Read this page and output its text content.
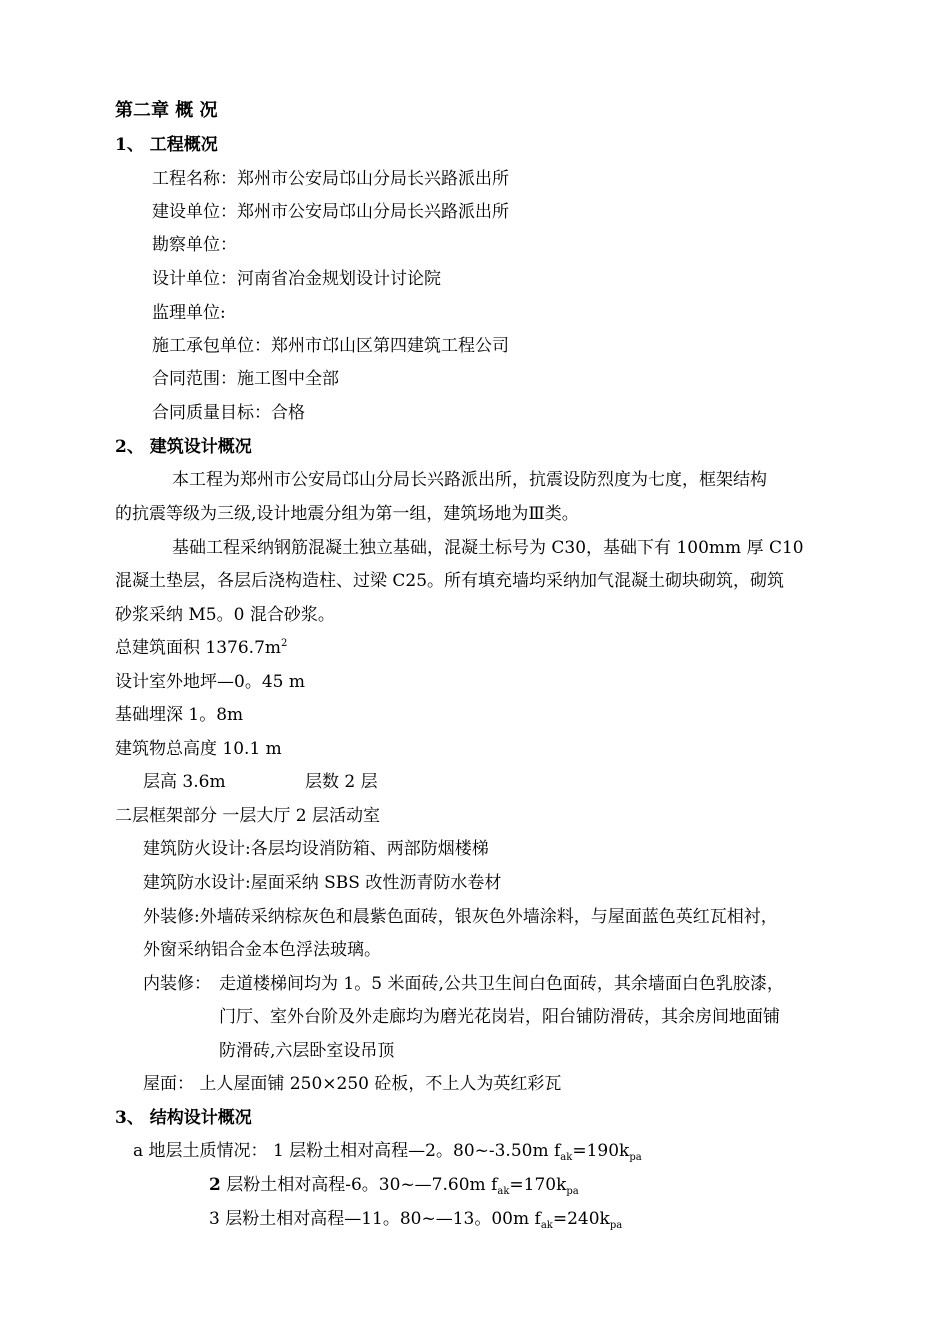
第二章 概 况
1、 工程概况
工程名称：郑州市公安局邙山分局长兴路派出所
建设单位：郑州市公安局邙山分局长兴路派出所
勘察单位：
设计单位：河南省冶金规划设计讨论院
监理单位:
施工承包单位：郑州市邙山区第四建筑工程公司
合同范围：施工图中全部
合同质量目标：合格
2、 建筑设计概况
本工程为郑州市公安局邙山分局长兴路派出所，抗震设防烈度为七度，框架结构
的抗震等级为三级,设计地震分组为第一组，建筑场地为Ⅲ类。
基础工程采纳钢筋混凝土独立基础，混凝土标号为 C30，基础下有 100mm 厚 C10
混凝土垫层，各层后浇构造柱、过梁 C25。所有填充墙均采纳加气混凝土砌块砌筑，砌筑
砂浆采纳 M5。0 混合砂浆。
总建筑面积 $1376.7m^2$
设计室外地坪—0。45 m
基础埋深 1。8m
建筑物总高度 10.1 m
层高 3.6m	层数 2 层
二层框架部分 一层大厅 2 层活动室
建筑防火设计:各层均设消防箱、两部防烟楼梯
建筑防水设计:屋面采纳 SBS 改性沥青防水卷材
外装修:外墙砖采纳棕灰色和晨紫色面砖，银灰色外墙涂料，与屋面蓝色英红瓦相衬，
外窗采纳铝合金本色浮法玻璃。
内装修： 走道楼梯间均为 1。5 米面砖,公共卫生间白色面砖，其余墙面白色乳胶漆，
门厅、室外台阶及外走廊均为磨光花岗岩，阳台铺防滑砖，其余房间地面铺
防滑砖,六层卧室设吊顶
屋面： 上人屋面铺 250×250 砼板，不上人为英红彩瓦
3、 结构设计概况
a 地层土质情况： 1 层粉土相对高程—2。80~-3.50m $f_{ak}=190k_{pa}$
2 层粉土相对高程-6。30~—7.60m $f_{ak}=170k_{pa}$
3 层粉土相对高程—11。80~—13。00m $f_{ak}=240k_{pa}$
